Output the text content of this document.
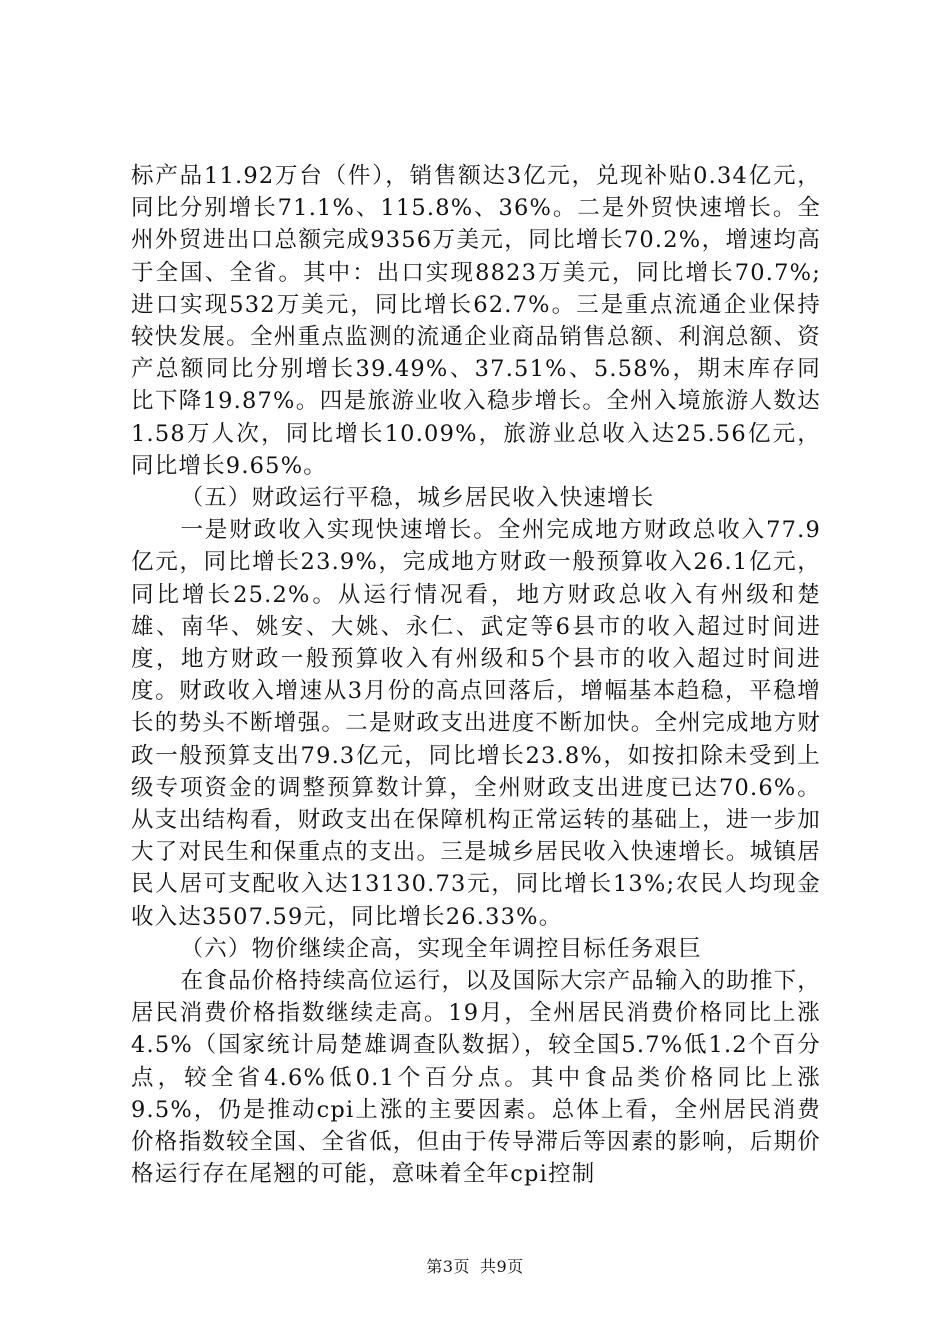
标产品11.92万台（件），销售额达3亿元，兑现补贴0.34亿元，同比分别增长71.1%、115.8%、36%。二是外贸快速增长。全州外贸进出口总额完成9356万美元，同比增长70.2%，增速均高于全国、全省。其中：出口实现8823万美元，同比增长70.7%;进口实现532万美元，同比增长62.7%。三是重点流通企业保持较快发展。全州重点监测的流通企业商品销售总额、利润总额、资产总额同比分别增长39.49%、37.51%、5.58%，期末库存同比下降19.87%。四是旅游业收入稳步增长。全州入境旅游人数达1.58万人次，同比增长10.09%，旅游业总收入达25.56亿元，同比增长9.65%。

（五）财政运行平稳，城乡居民收入快速增长

一是财政收入实现快速增长。全州完成地方财政总收入77.9亿元，同比增长23.9%，完成地方财政一般预算收入26.1亿元，同比增长25.2%。从运行情况看，地方财政总收入有州级和楚雄、南华、姚安、大姚、永仁、武定等6县市的收入超过时间进度，地方财政一般预算收入有州级和5个县市的收入超过时间进度。财政收入增速从3月份的高点回落后，增幅基本趋稳，平稳增长的势头不断增强。二是财政支出进度不断加快。全州完成地方财政一般预算支出79.3亿元，同比增长23.8%，如按扣除未受到上级专项资金的调整预算数计算，全州财政支出进度已达70.6%。从支出结构看，财政支出在保障机构正常运转的基础上，进一步加大了对民生和保重点的支出。三是城乡居民收入快速增长。城镇居民人居可支配收入达13130.73元，同比增长13%;农民人均现金收入达3507.59元，同比增长26.33%。

（六）物价继续企高，实现全年调控目标任务艰巨

在食品价格持续高位运行，以及国际大宗产品输入的助推下，居民消费价格指数继续走高。19月，全州居民消费价格同比上涨4.5%（国家统计局楚雄调查队数据），较全国5.7%低1.2个百分点，较全省4.6%低0.1个百分点。其中食品类价格同比上涨9.5%，仍是推动cpi上涨的主要因素。总体上看，全州居民消费价格指数较全国、全省低，但由于传导滞后等因素的影响，后期价格运行存在尾翘的可能，意味着全年cpi控制

第3页 共9页
